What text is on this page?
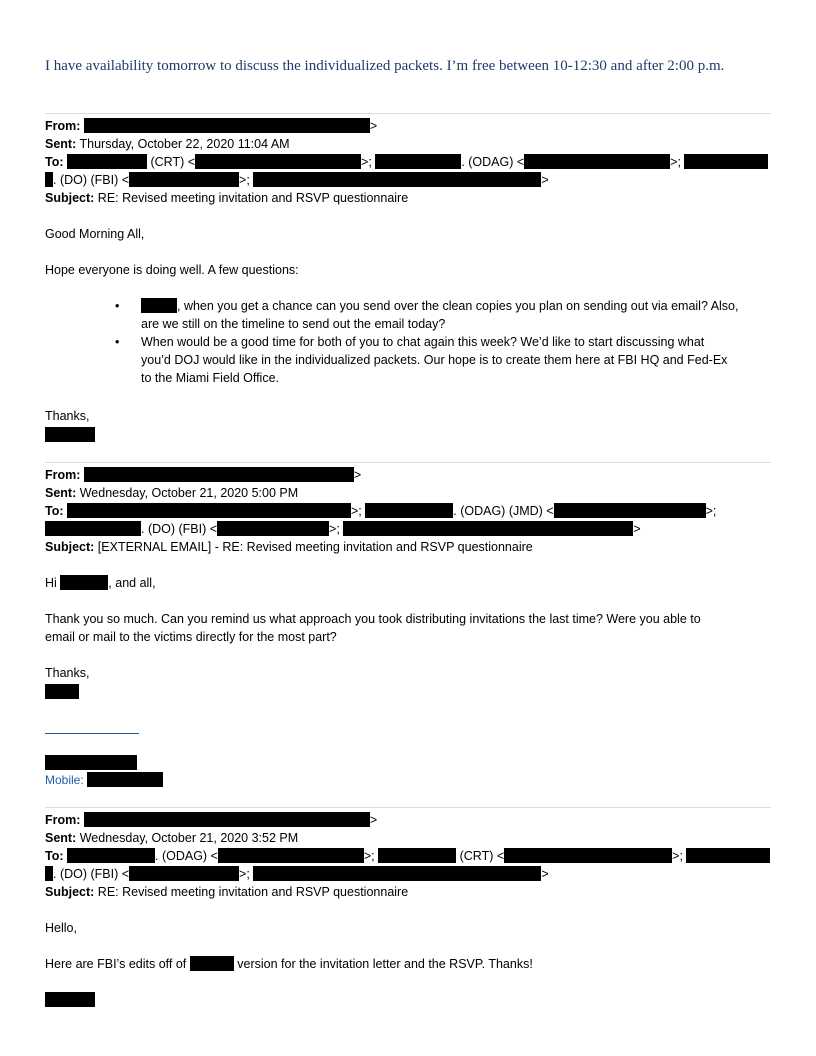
I have availability tomorrow to discuss the individualized packets. I’m free between 10-12:30 and after 2:00 p.m.
From:	>
Sent: Thursday, October 22, 2020 11:04 AM
To:	(CRT) <	>;	. (ODAG) <	>;
. (DO) (FBI) <	>;	>
Subject: RE: Revised meeting invitation and RSVP questionnaire
Good Morning All,
Hope everyone is doing well. A few questions:
•	, when you get a chance can you send over the clean copies you plan on sending out via email? Also,
are we still on the timeline to send out the email today?
• When would be a good time for both of you to chat again this week? We’d like to start discussing what
you’d DOJ would like in the individualized packets. Our hope is to create them here at FBI HQ and Fed-Ex
to the Miami Field Office.
Thanks,
From:	>
Sent: Wednesday, October 21, 2020 5:00 PM
To:	>;	. (ODAG) (JMD) <	>;
. (DO) (FBI) <	>;	>
Subject: [EXTERNAL EMAIL] - RE: Revised meeting invitation and RSVP questionnaire
Hi	, and all,
Thank you so much. Can you remind us what approach you took distributing invitations the last time? Were you able to
email or mail to the victims directly for the most part?
Thanks,
Mobile:
From:	>
Sent: Wednesday, October 21, 2020 3:52 PM
To:	. (ODAG) <	>;	(CRT) <	>;
. (DO) (FBI) <	>;	>
Subject: RE: Revised meeting invitation and RSVP questionnaire
Hello,
Here are FBI’s edits off of	version for the invitation letter and the RSVP. Thanks!
